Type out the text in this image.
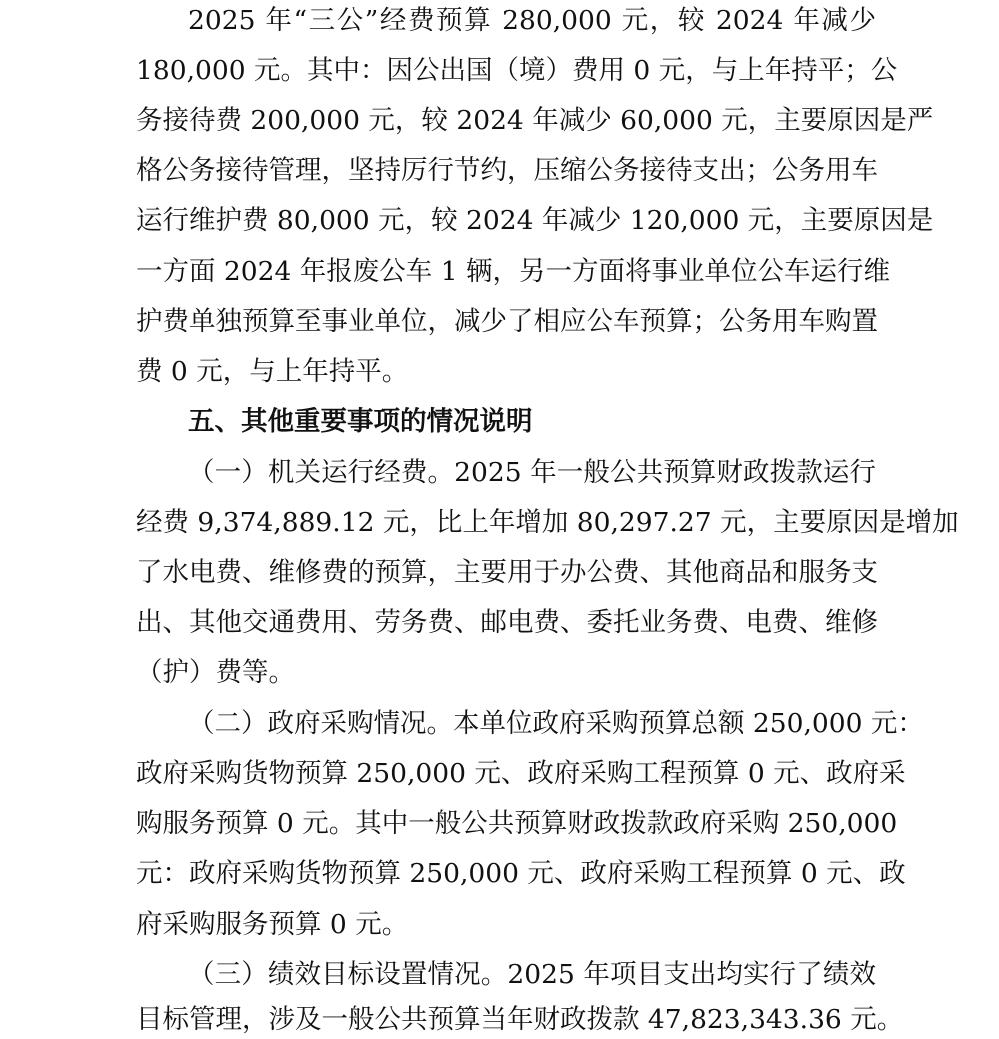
2025 年“三公”经费预算 280,000 元，较 2024 年减少
180,000 元。其中：因公出国（境）费用 0 元，与上年持平；公
务接待费 200,000 元，较 2024 年减少 60,000 元，主要原因是严
格公务接待管理，坚持厉行节约，压缩公务接待支出；公务用车
运行维护费 80,000 元，较 2024 年减少 120,000 元，主要原因是
一方面 2024 年报废公车 1 辆，另一方面将事业单位公车运行维
护费单独预算至事业单位，减少了相应公车预算；公务用车购置
费 0 元，与上年持平。
五、其他重要事项的情况说明
（一）机关运行经费。2025 年一般公共预算财政拨款运行
经费 9,374,889.12 元，比上年增加 80,297.27 元，主要原因是增加
了水电费、维修费的预算，主要用于办公费、其他商品和服务支
出、其他交通费用、劳务费、邮电费、委托业务费、电费、维修
（护）费等。
（二）政府采购情况。本单位政府采购预算总额 250,000 元：
政府采购货物预算 250,000 元、政府采购工程预算 0 元、政府采
购服务预算 0 元。其中一般公共预算财政拨款政府采购 250,000
元：政府采购货物预算 250,000 元、政府采购工程预算 0 元、政
府采购服务预算 0 元。
（三）绩效目标设置情况。2025 年项目支出均实行了绩效
目标管理，涉及一般公共预算当年财政拨款 47,823,343.36 元。
